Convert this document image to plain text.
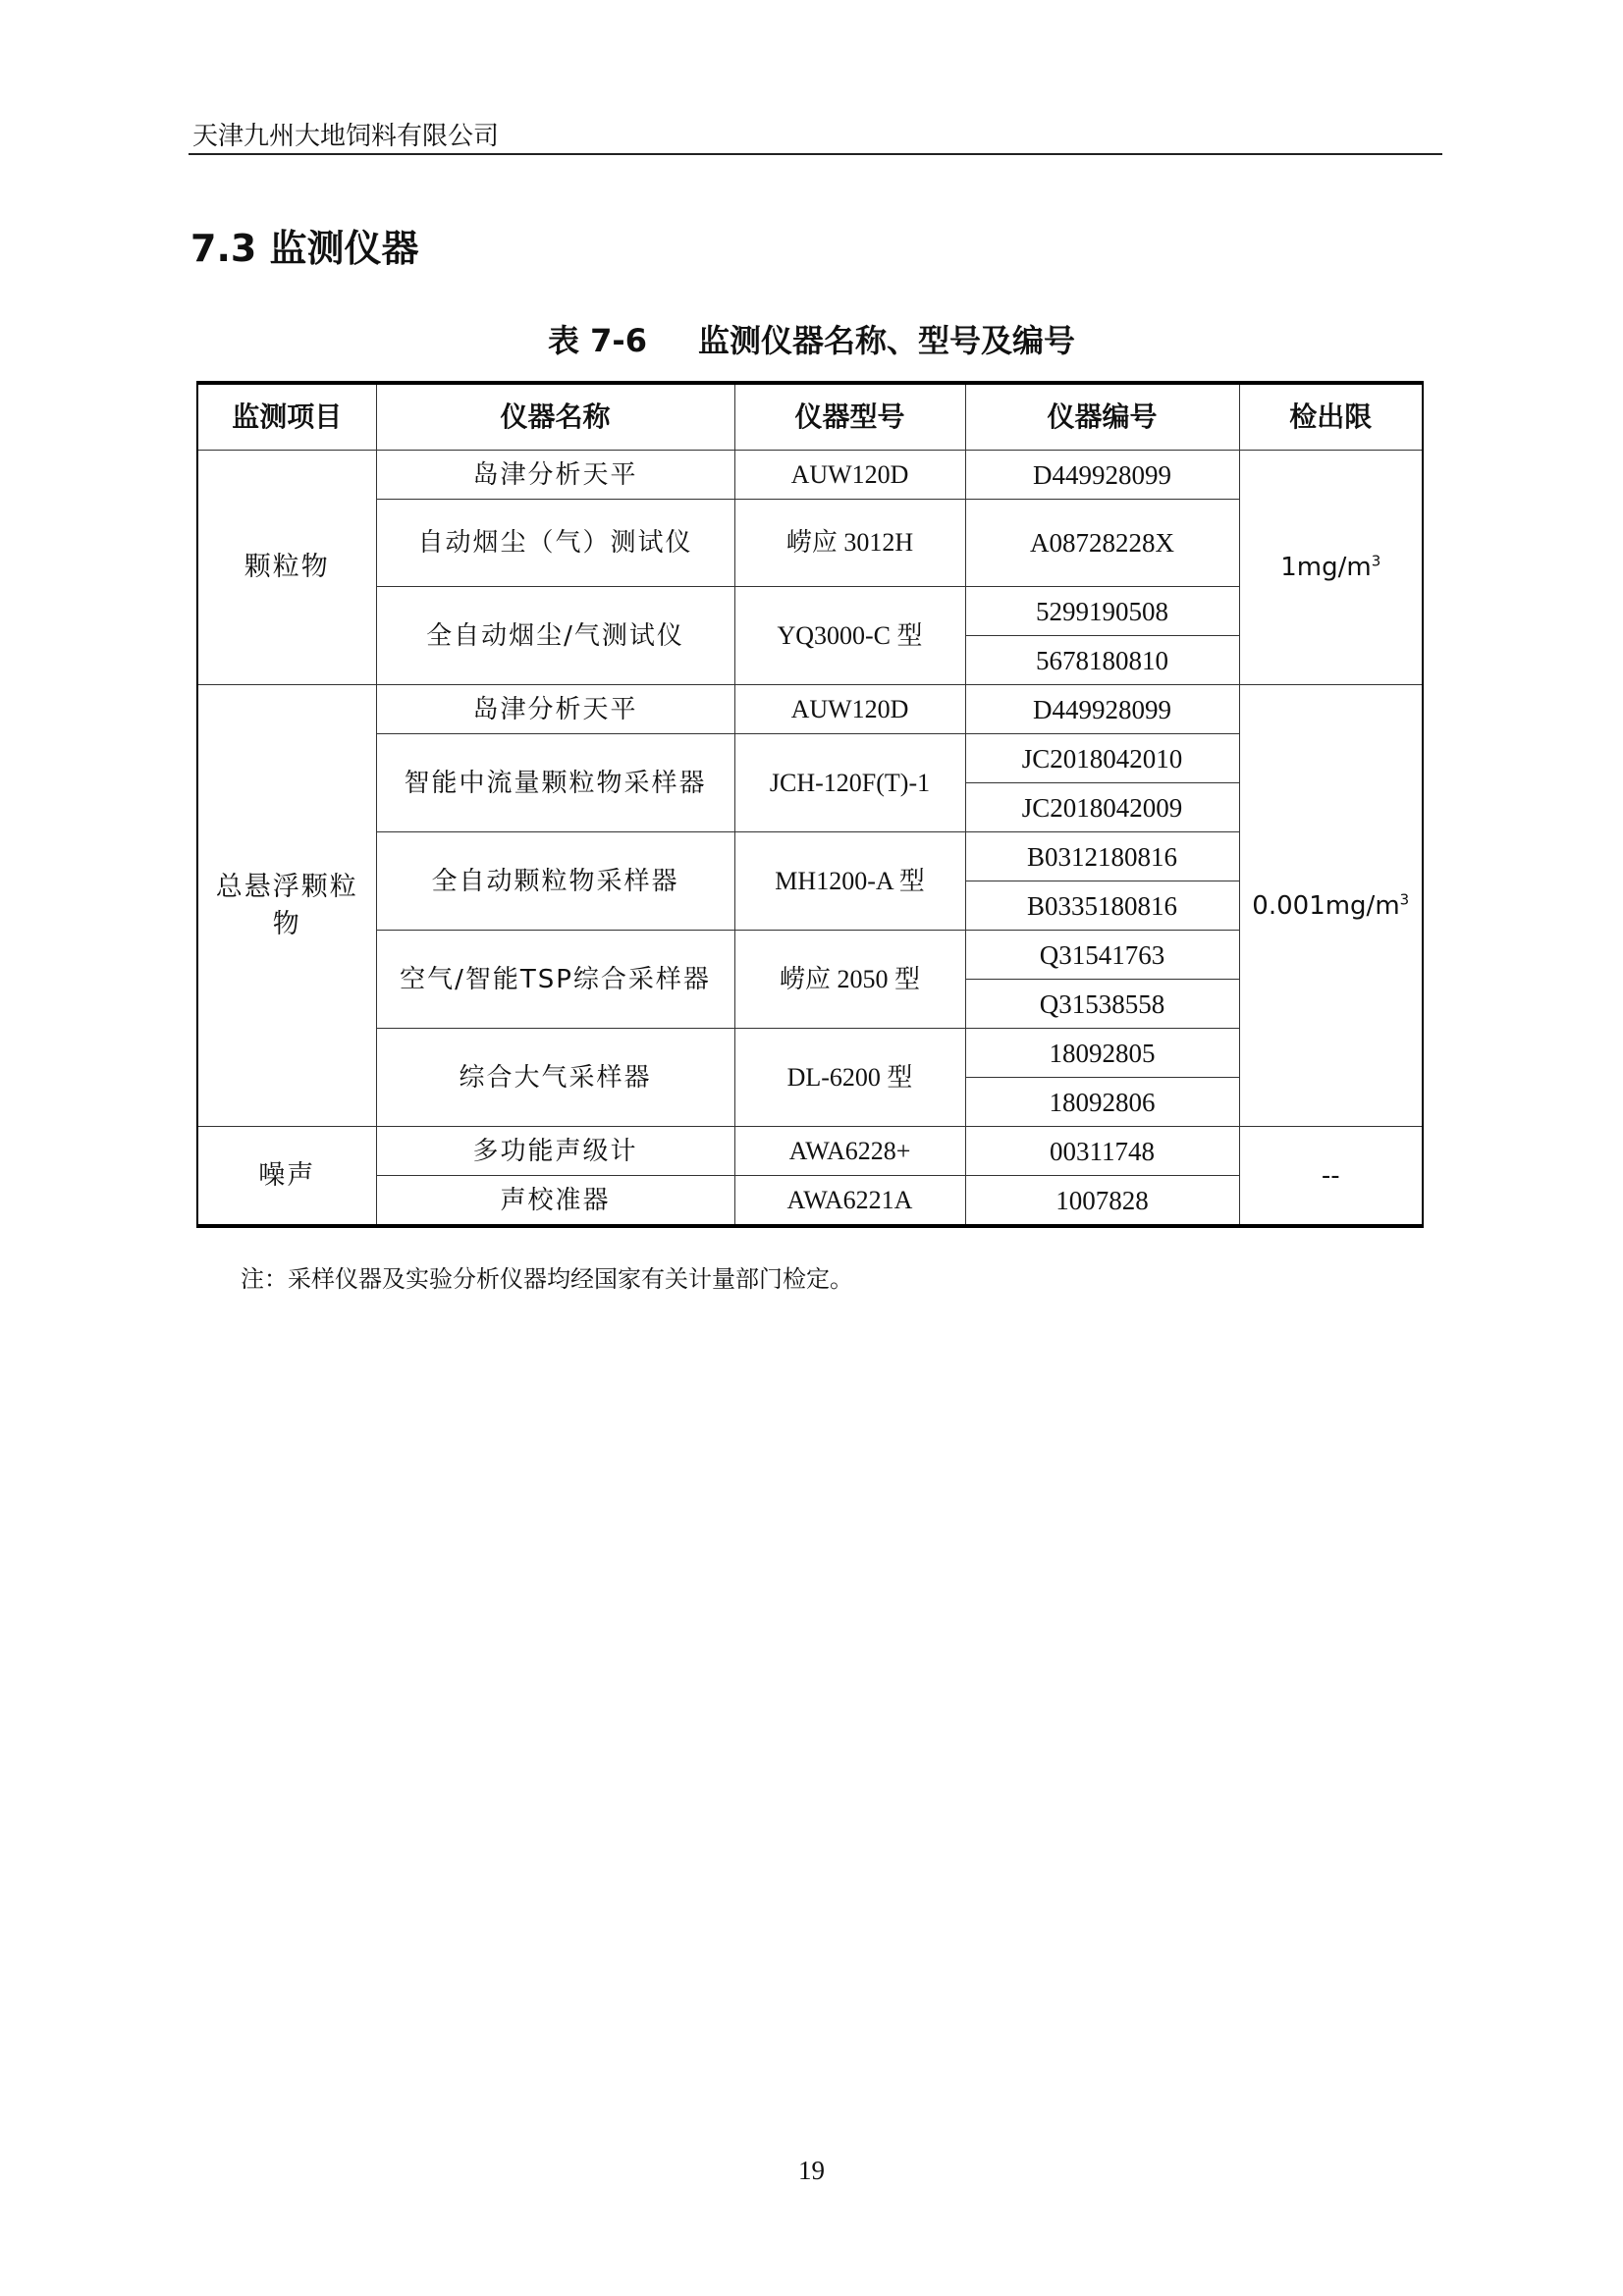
天津九州大地饲料有限公司
7.3 监测仪器
表 7-6 监测仪器名称、型号及编号
监测项目	仪器名称	仪器型号	仪器编号	检出限
颗粒物	岛津分析天平	AUW120D	D449928099	$1mg/m^3$
	自动烟尘（气）测试仪	崂应 3012H	A08728228X	
	全自动烟尘/气测试仪	YQ3000-C 型	5299190508	
			5678180810	
总悬浮颗粒物	岛津分析天平	AUW120D	D449928099	$0.001mg/m^3$
	智能中流量颗粒物采样器	JCH-120F(T)-1	JC2018042010	
			JC2018042009	
	全自动颗粒物采样器	MH1200-A 型	B0312180816	
			B0335180816	
	空气/智能TSP综合采样器	崂应 2050 型	Q31541763	
			Q31538558	
	综合大气采样器	DL-6200 型	18092805	
			18092806	
噪声	多功能声级计	AWA6228+	00311748	--
	声校准器	AWA6221A	1007828	
注：采样仪器及实验分析仪器均经国家有关计量部门检定。
19
